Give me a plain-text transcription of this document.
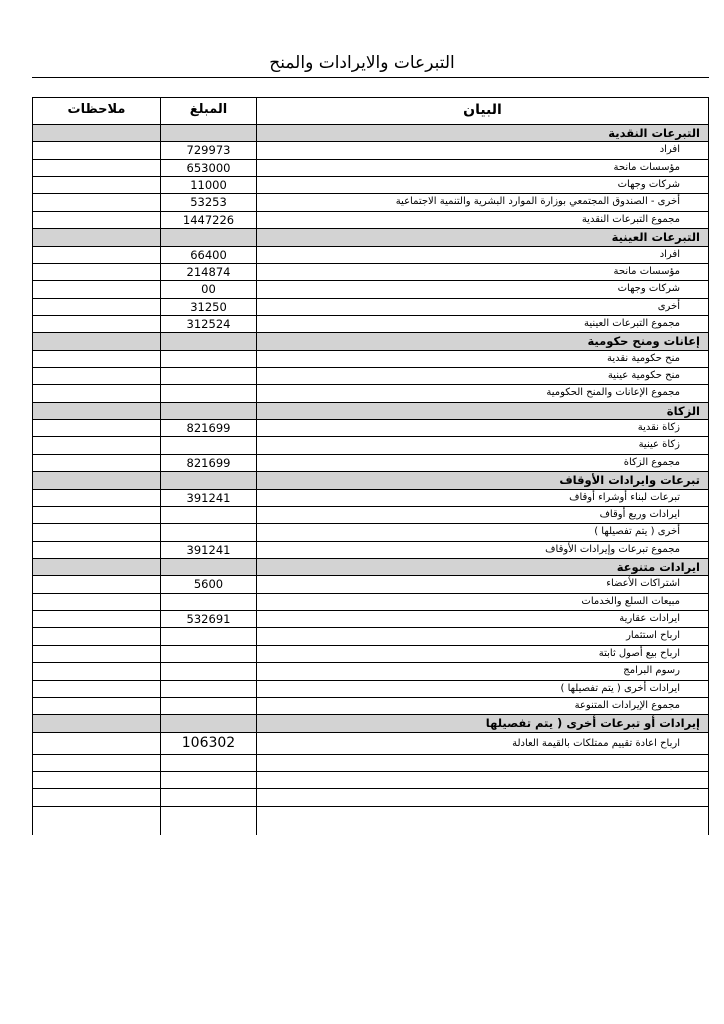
التبرعات والايرادات والمنح
ملاحظات	المبلغ	البيان
التبرعات النقدية
729973	افراد
653000	مؤسسات مانحة
11000	شركات وجهات
53253	أخرى - الصندوق المجتمعي بوزارة الموارد البشرية والتنمية الاجتماعية
1447226	مجموع التبرعات النقدية
التبرعات العينية
66400	افراد
214874	مؤسسات مانحة
00	شركات وجهات
31250	أخرى
312524	مجموع التبرعات العينية
إعانات ومنح حكومية
منح حكومية نقدية
منح حكومية عينية
مجموع الإعانات والمنح الحكومية
الزكاة
821699	زكاة نقدية
زكاة عينية
821699	مجموع الزكاة
تبرعات وايرادات الأوقاف
391241	تبرعات لبناء أوشراء أوقاف
ايرادات وريع أوقاف
أخرى ( يتم تفصيلها )
391241	مجموع تبرعات وإيرادات الأوقاف
ايرادات متنوعة
5600	اشتراكات الأعضاء
مبيعات السلع والخدمات
532691	ايرادات عقارية
ارباح استثمار
ارباح بيع أصول ثابتة
رسوم البرامج
ايرادات أخرى ( يتم تفصيلها )
مجموع الإيرادات المتنوعة
إيرادات أو تبرعات أخرى ( يتم تفصيلها
106302	ارباح اعادة تقييم ممتلكات بالقيمة العادلة
